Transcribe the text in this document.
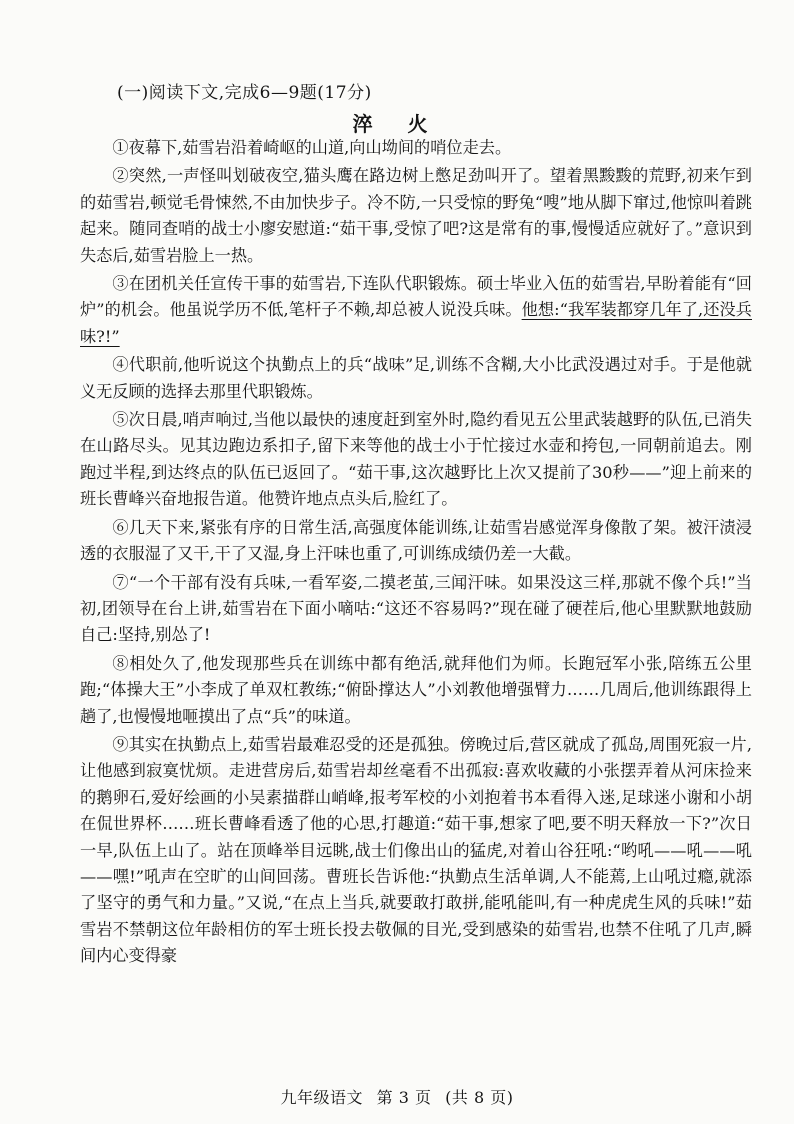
(一)阅读下文,完成6—9题(17分)
淬 火

①夜幕下,茹雪岩沿着崎岖的山道,向山坳间的哨位走去。

②突然,一声怪叫划破夜空,猫头鹰在路边树上憋足劲叫开了。望着黑黢黢的荒野,初来乍到的茹雪岩,顿觉毛骨悚然,不由加快步子。冷不防,一只受惊的野兔“嗖”地从脚下窜过,他惊叫着跳起来。随同查哨的战士小廖安慰道:“茹干事,受惊了吧?这是常有的事,慢慢适应就好了。”意识到失态后,茹雪岩脸上一热。

③在团机关任宣传干事的茹雪岩,下连队代职锻炼。硕士毕业入伍的茹雪岩,早盼着能有“回炉”的机会。他虽说学历不低,笔杆子不赖,却总被人说没兵味。他想:“我军装都穿几年了,还没兵味?!”

④代职前,他听说这个执勤点上的兵“战味”足,训练不含糊,大小比武没遇过对手。于是他就义无反顾的选择去那里代职锻炼。

⑤次日晨,哨声响过,当他以最快的速度赶到室外时,隐约看见五公里武装越野的队伍,已消失在山路尽头。见其边跑边系扣子,留下来等他的战士小于忙接过水壶和挎包,一同朝前追去。刚跑过半程,到达终点的队伍已返回了。“茹干事,这次越野比上次又提前了30秒——”迎上前来的班长曹峰兴奋地报告道。他赞许地点点头后,脸红了。

⑥几天下来,紧张有序的日常生活,高强度体能训练,让茹雪岩感觉浑身像散了架。被汗渍浸透的衣服湿了又干,干了又湿,身上汗味也重了,可训练成绩仍差一大截。

⑦“一个干部有没有兵味,一看军姿,二摸老茧,三闻汗味。如果没这三样,那就不像个兵!”当初,团领导在台上讲,茹雪岩在下面小嘀咕:“这还不容易吗?”现在碰了硬茬后,他心里默默地鼓励自己:坚持,别怂了!

⑧相处久了,他发现那些兵在训练中都有绝活,就拜他们为师。长跑冠军小张,陪练五公里跑;“体操大王”小李成了单双杠教练;“俯卧撑达人”小刘教他增强臂力……几周后,他训练跟得上趟了,也慢慢地咂摸出了点“兵”的味道。

⑨其实在执勤点上,茹雪岩最难忍受的还是孤独。傍晚过后,营区就成了孤岛,周围死寂一片,让他感到寂寞忧烦。走进营房后,茹雪岩却丝毫看不出孤寂:喜欢收藏的小张摆弄着从河床捡来的鹅卵石,爱好绘画的小吴素描群山峭峰,报考军校的小刘抱着书本看得入迷,足球迷小谢和小胡在侃世界杯……班长曹峰看透了他的心思,打趣道:“茹干事,想家了吧,要不明天释放一下?”次日一早,队伍上山了。站在顶峰举目远眺,战士们像出山的猛虎,对着山谷狂吼:“哟吼——吼——吼——嘿!”吼声在空旷的山间回荡。曹班长告诉他:“执勤点生活单调,人不能蔫,上山吼过瘾,就添了坚守的勇气和力量。”又说,“在点上当兵,就要敢打敢拼,能吼能叫,有一种虎虎生风的兵味!”茹雪岩不禁朝这位年龄相仿的军士班长投去敬佩的目光,受到感染的茹雪岩,也禁不住吼了几声,瞬间内心变得豪

九年级语文 第 3 页 (共 8 页)
